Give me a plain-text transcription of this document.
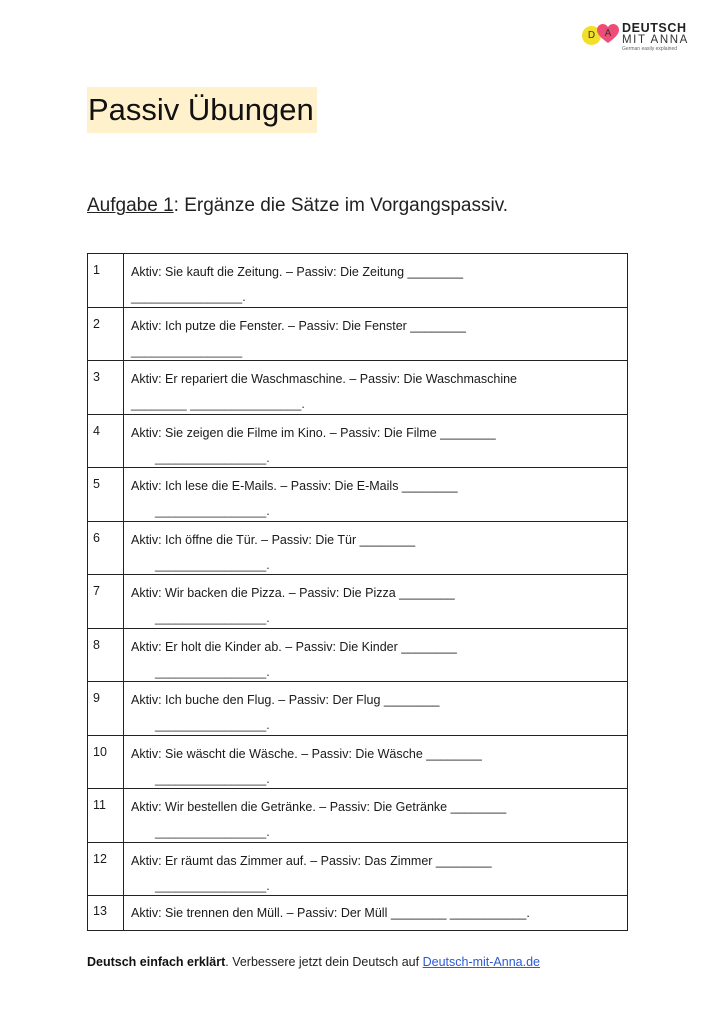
D A DEUTSCH
MIT ANNA
German easily explained
Passiv Übungen
Aufgabe 1: Ergänze die Sätze im Vorgangspassiv.
1	Aktiv: Sie kauft die Zeitung. – Passiv: Die Zeitung ________
________________.

2	Aktiv: Ich putze die Fenster. – Passiv: Die Fenster ________
________________

3	Aktiv: Er repariert die Waschmaschine. – Passiv: Die Waschmaschine
________ ________________.

4	Aktiv: Sie zeigen die Filme im Kino. – Passiv: Die Filme ________
________________.

5	Aktiv: Ich lese die E-Mails. – Passiv: Die E-Mails ________
________________.

6	Aktiv: Ich öffne die Tür. – Passiv: Die Tür ________
________________.

7	Aktiv: Wir backen die Pizza. – Passiv: Die Pizza ________
________________.

8	Aktiv: Er holt die Kinder ab. – Passiv: Die Kinder ________
________________.

9	Aktiv: Ich buche den Flug. – Passiv: Der Flug ________
________________.

10	Aktiv: Sie wäscht die Wäsche. – Passiv: Die Wäsche ________
________________.

11	Aktiv: Wir bestellen die Getränke. – Passiv: Die Getränke ________
________________.

12	Aktiv: Er räumt das Zimmer auf. – Passiv: Das Zimmer ________
________________.

13	Aktiv: Sie trennen den Müll. – Passiv: Der Müll ________ ___________.
Deutsch einfach erklärt. Verbessere jetzt dein Deutsch auf Deutsch-mit-Anna.de
